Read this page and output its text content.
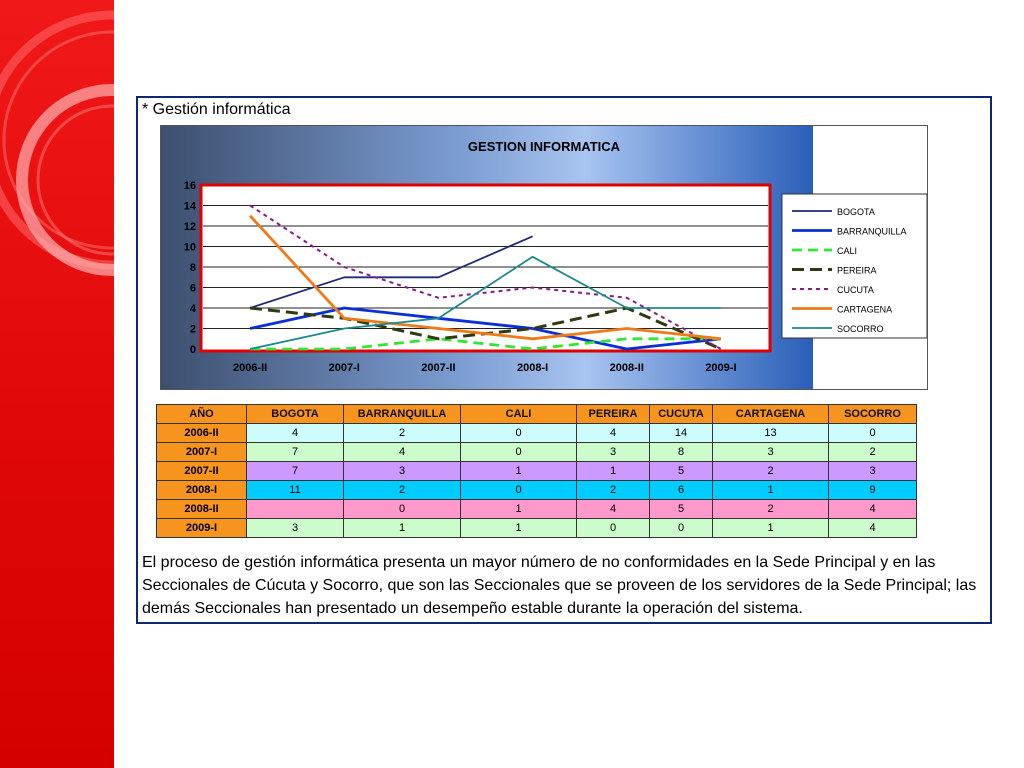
* Gestión informática
GESTION INFORMATICA
0
2
4
6
8
10
12
14
16
2006-II	2007-I	2007-II	2008-I	2008-II	2009-I
BOGOTA
BARRANQUILLA
CALI
PEREIRA
CUCUTA
CARTAGENA
SOCORRO
AÑO	BOGOTA	BARRANQUILLA	CALI	PEREIRA	CUCUTA	CARTAGENA	SOCORRO
2006-II	4	2	0	4	14	13	0
2007-I	7	4	0	3	8	3	2
2007-II	7	3	1	1	5	2	3
2008-I	11	2	0	2	6	1	9
2008-II		0	1	4	5	2	4
2009-I	3	1	1	0	0	1	4
El proceso de gestión informática presenta un mayor número de no conformidades en la Sede Principal y en las Seccionales de Cúcuta y Socorro, que son las Seccionales que se proveen de los servidores de la Sede Principal; las demás Seccionales han presentado un desempeño estable durante la operación del sistema.
